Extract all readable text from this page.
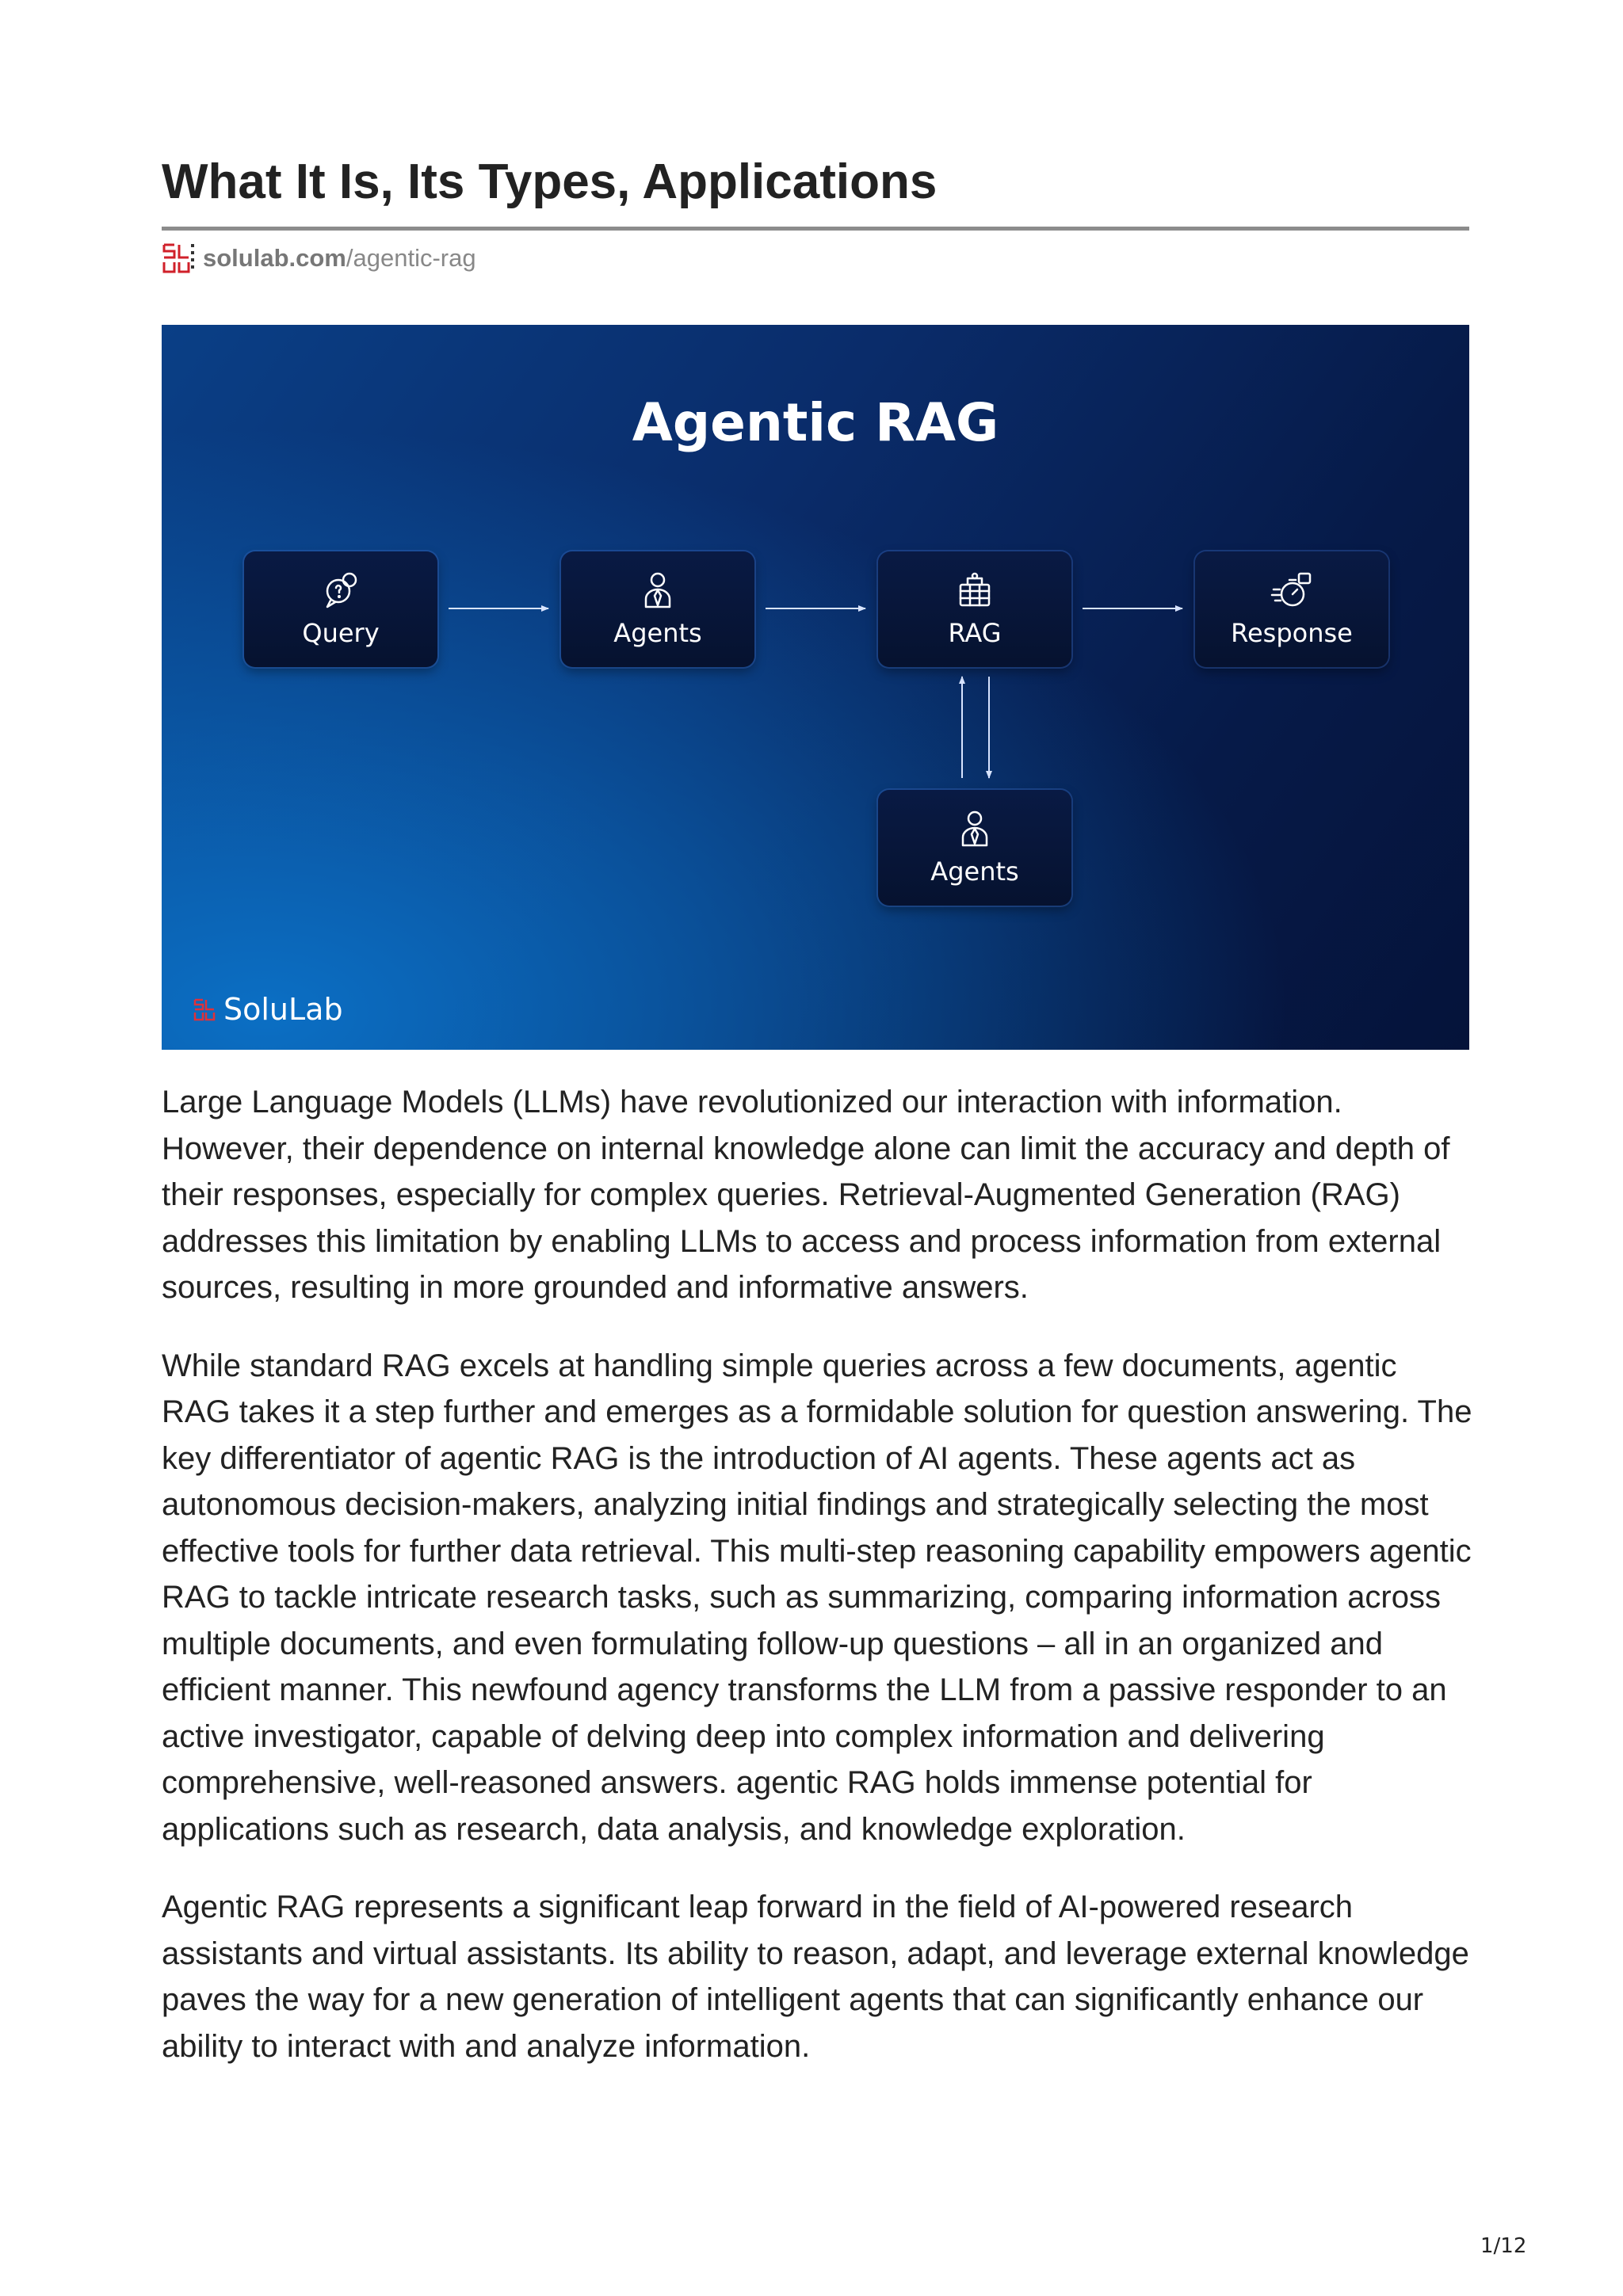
What It Is, Its Types, Applications
solulab.com /agentic-rag
Agentic RAG
Query	Agents	RAG	Response
Agents
SoluLab

Large Language Models (LLMs) have revolutionized our interaction with information. However, their dependence on internal knowledge alone can limit the accuracy and depth of their responses, especially for complex queries. Retrieval-Augmented Generation (RAG) addresses this limitation by enabling LLMs to access and process information from external sources, resulting in more grounded and informative answers.

While standard RAG excels at handling simple queries across a few documents, agentic RAG takes it a step further and emerges as a formidable solution for question answering. The key differentiator of agentic RAG is the introduction of AI agents. These agents act as autonomous decision-makers, analyzing initial findings and strategically selecting the most effective tools for further data retrieval. This multi-step reasoning capability empowers agentic RAG to tackle intricate research tasks, such as summarizing, comparing information across multiple documents, and even formulating follow-up questions – all in an organized and efficient manner. This newfound agency transforms the LLM from a passive responder to an active investigator, capable of delving deep into complex information and delivering comprehensive, well-reasoned answers. agentic RAG holds immense potential for applications such as research, data analysis, and knowledge exploration.

Agentic RAG represents a significant leap forward in the field of AI-powered research assistants and virtual assistants. Its ability to reason, adapt, and leverage external knowledge paves the way for a new generation of intelligent agents that can significantly enhance our ability to interact with and analyze information.

1/12
